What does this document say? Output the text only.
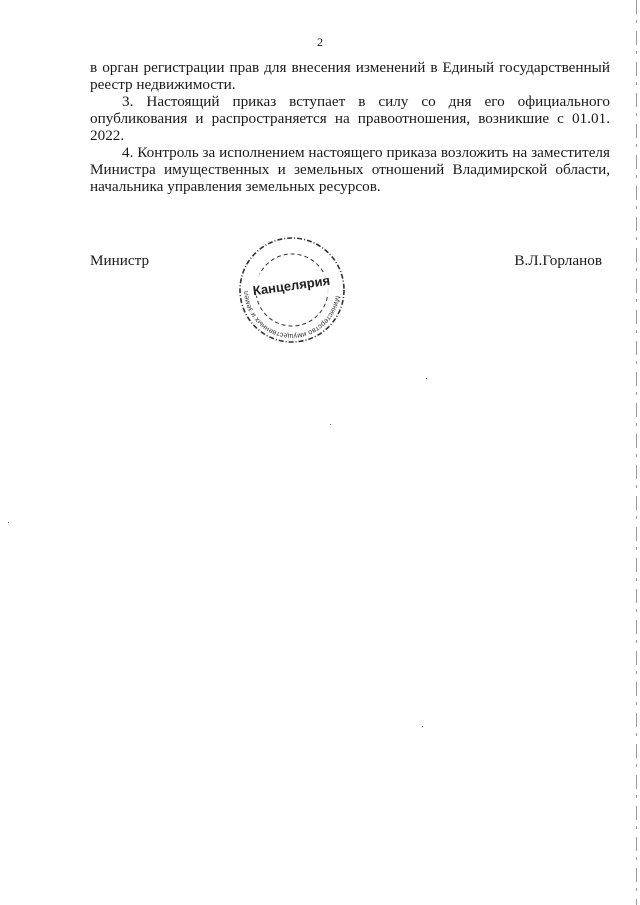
2

в орган регистрации прав для внесения изменений в Единый государственный реестр недвижимости.

3. Настоящий приказ вступает в силу со дня его официального опубликования и распространяется на правоотношения, возникшие с 01.01. 2022.

4. Контроль за исполнением настоящего приказа возложить на заместителя Министра имущественных и земельных отношений Владимирской области, начальника управления земельных ресурсов.

Министр	В.Л.Горланов
Министерство имущественных и земельных отношений
Канцелярия
